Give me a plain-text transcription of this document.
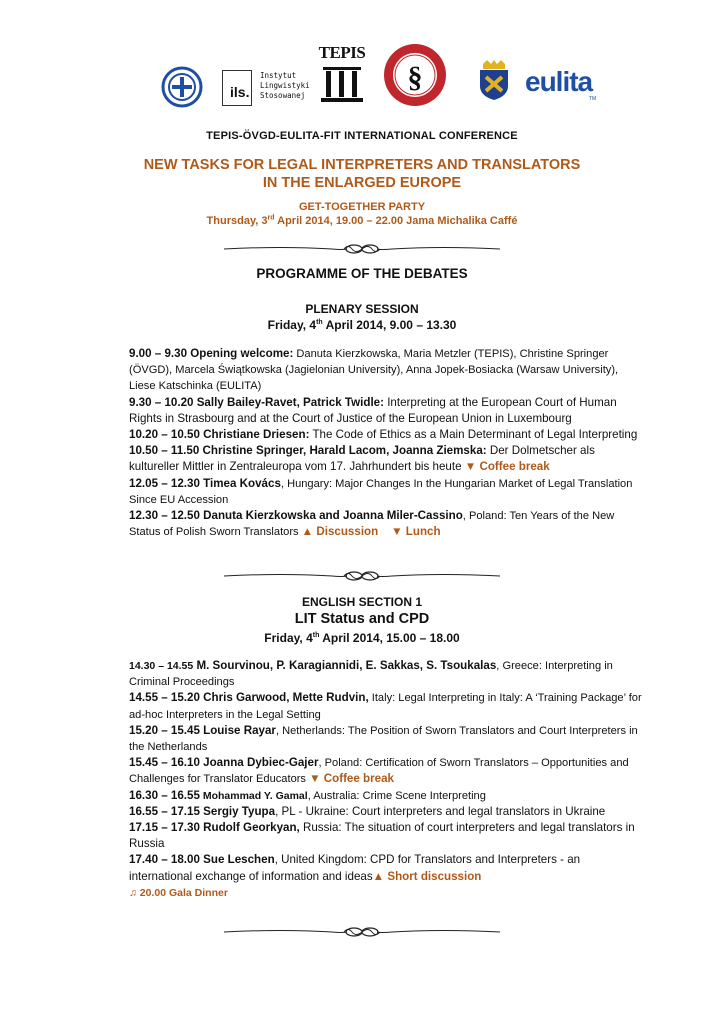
ils.
Instytut
Lingwistyki
Stosowanej
TEPIS
§	eulita
TM
TEPIS-ÖVGD-EULITA-FIT INTERNATIONAL CONFERENCE
NEW TASKS FOR LEGAL INTERPRETERS AND TRANSLATORS
IN THE ENLARGED EUROPE
GET-TOGETHER PARTY
Thursday, 3rd April 2014, 19.00 – 22.00 Jama Michalika Caffé
PROGRAMME OF THE DEBATES
PLENARY SESSION
Friday, 4th April 2014, 9.00 – 13.30

9.00 – 9.30 Opening welcome: Danuta Kierzkowska, Maria Metzler (TEPIS), Christine Springer (ÖVGD), Marcela Świątkowska (Jagielonian University), Anna Jopek-Bosiacka (Warsaw University), Liese Katschinka (EULITA)

9.30 – 10.20 Sally Bailey-Ravet, Patrick Twidle: Interpreting at the European Court of Human Rights in Strasbourg and at the Court of Justice of the European Union in Luxembourg

10.20 – 10.50 Christiane Driesen: The Code of Ethics as a Main Determinant of Legal Interpreting

10.50 – 11.50 Christine Springer, Harald Lacom, Joanna Ziemska: Der Dolmetscher als kultureller Mittler in Zentraleuropa vom 17. Jahrhundert bis heute ▼ Coffee break

12.05 – 12.30 Timea Kovács, Hungary: Major Changes In the Hungarian Market of Legal Translation Since EU Accession

12.30 – 12.50 Danuta Kierzkowska and Joanna Miler-Cassino, Poland: Ten Years of the New Status of Polish Sworn Translators ▲ Discussion ▼ Lunch

ENGLISH SECTION 1
LIT Status and CPD
Friday, 4th April 2014, 15.00 – 18.00

14.30 – 14.55 M. Sourvinou, P. Karagiannidi, E. Sakkas, S. Tsoukalas, Greece: Interpreting in Criminal Proceedings

14.55 – 15.20 Chris Garwood, Mette Rudvin, Italy: Legal Interpreting in Italy: A ‘Training Package’ for ad-hoc Interpreters in the Legal Setting

15.20 – 15.45 Louise Rayar, Netherlands: The Position of Sworn Translators and Court Interpreters in the Netherlands

15.45 – 16.10 Joanna Dybiec-Gajer, Poland: Certification of Sworn Translators – Opportunities and Challenges for Translator Educators ▼ Coffee break

16.30 – 16.55 Mohammad Y. Gamal, Australia: Crime Scene Interpreting

16.55 – 17.15 Sergiy Tyupa, PL - Ukraine: Court interpreters and legal translators in Ukraine

17.15 – 17.30 Rudolf Georkyan, Russia: The situation of court interpreters and legal translators in Russia

17.40 – 18.00 Sue Leschen, United Kingdom: CPD for Translators and Interpreters - an international exchange of information and ideas▲ Short discussion

♫ 20.00 Gala Dinner
